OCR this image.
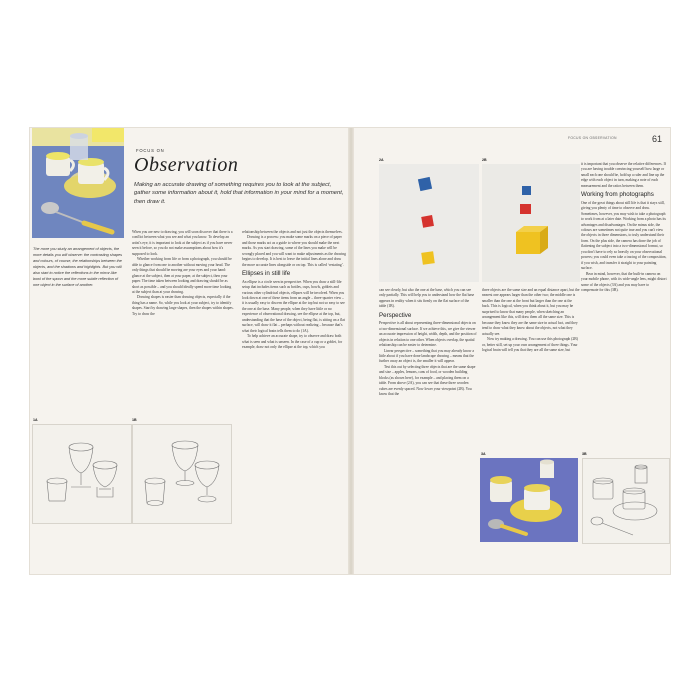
FOCUS ON
Observation
Making an accurate drawing of something requires you to look at the subject, gather some information about it, hold that information in your mind for a moment, then draw it.
The more you study an arrangement of objects, the more details you will observe: the contrasting shapes and colours, of course, the relationships between the objects, and the shadows and highlights. But you will also start to notice the reflections in the mirror-like bowl of the spoon and the more subtle reflection of one object in the surface of another.

When you are new to drawing, you will soon discover that there is a conflict between what you see and what you know. To develop an artist's eye, it is important to look at the subject as if you have never seen it before, so you do not make assumptions about how it's supposed to look.

Whether working from life or from a photograph, you should be able to glance from one to another without moving your head. The only things that should be moving are your eyes and your hand: glance at the subject, then at your paper, at the subject, then your paper. The time taken between looking and drawing should be as short as possible – and you should ideally spend more time looking at the subject than at your drawing.

Drawing shapes is easier than drawing objects, especially if the thing has a name. So, while you look at your subject, try to identify shapes. Start by drawing large shapes, then the shapes within shapes. Try to draw the

relationship between the objects and not just the objects themselves.

Drawing is a process: you make some marks on a piece of paper and those marks act as a guide to where you should make the next marks. As you start drawing, some of the lines you make will be wrongly placed and you will want to make adjustments as the drawing begins to develop. It is best to leave the initial lines alone and draw the more accurate lines alongside or on top. This is called ‘restating’.

Ellipses in still life

An ellipse is a circle seen in perspective. When you draw a still-life setup that includes items such as bottles, cups, bowls, goblets and various other cylindrical objects, ellipses will be involved. When you look down at one of these items from an angle – three-quarter view – it is usually easy to discern the ellipse at the top but not so easy to see the one at the base. Many people, when they have little or no experience of observational drawing, see the ellipse at the top, but, understanding that the base of the object, being flat, is sitting on a flat surface, will draw it flat – perhaps without realizing – because that's what their logical brain tells them to do (1A).

To help achieve an accurate shape, try to observe and draw both what is seen and what is unseen. In the case of a cup or a goblet, for example, draw not only the ellipse at the top, which you

1A	1B
FOCUS ON OBSERVATION	61
2A	2B

can see clearly, but also the one at the base, which you can see only partially. This will help you to understand how the flat base appears in reality when it sits firmly on the flat surface of the table (1B).

Perspective

Perspective is all about representing three-dimensional objects on a two-dimensional surface. If we achieve this, we give the viewer an accurate impression of height, width, depth, and the position of objects in relation to one other. When objects overlap, the spatial relationship can be easier to determine.

Linear perspective – something that you may already know a little about if you have done landscape drawing – means that the further away an object is, the smaller it will appear.

Test this out by selecting three objects that are the same shape and size – apples, lemons, cans of food, or wooden building blocks (as shown here), for example – and placing them on a table. From above (2A), you can see that these three wooden cubes are evenly spaced. Now lower your viewpoint (2B). You know that the

three objects are the same size and an equal distance apart, but the nearest one appears larger than the other two; the middle one is smaller than the one at the front but larger than the one at the back. This is logical, when you think about it, but you may be surprised to know that many people, when sketching an arrangement like this, will draw them all the same size. This is because they know they are the same size in actual fact, and they tend to draw what they know about the objects, not what they actually see.

Now try making a drawing. You can use this photograph (2B) or, better still, set up your own arrangement of three things. Your logical brain will tell you that they are all the same size, but

it is important that you observe the relative differences. If you are having trouble convincing yourself how large or small each one should be, hold up a ruler and line up the edge with each object in turn, making a note of each measurement and the ratios between them.

Working from photographs

One of the great things about still life is that it stays still, giving you plenty of time to observe and draw. Sometimes, however, you may wish to take a photograph to work from at a later date. Working from a photo has its advantages and disadvantages. On the minus side, the colours are sometimes not quite true and you can't view the objects in three dimensions, to truly understand their form. On the plus side, the camera has done the job of flattening the subject into a two-dimensional format, so you don't have to rely so heavily on your observational powers; you could even take a tracing of the composition, if you wish, and transfer it straight to your painting surface.

Bear in mind, however, that the built-in camera on your mobile phone, with its wide-angle lens, might distort some of the objects (3A) and you may have to compensate for this (3B).

3A	3B
